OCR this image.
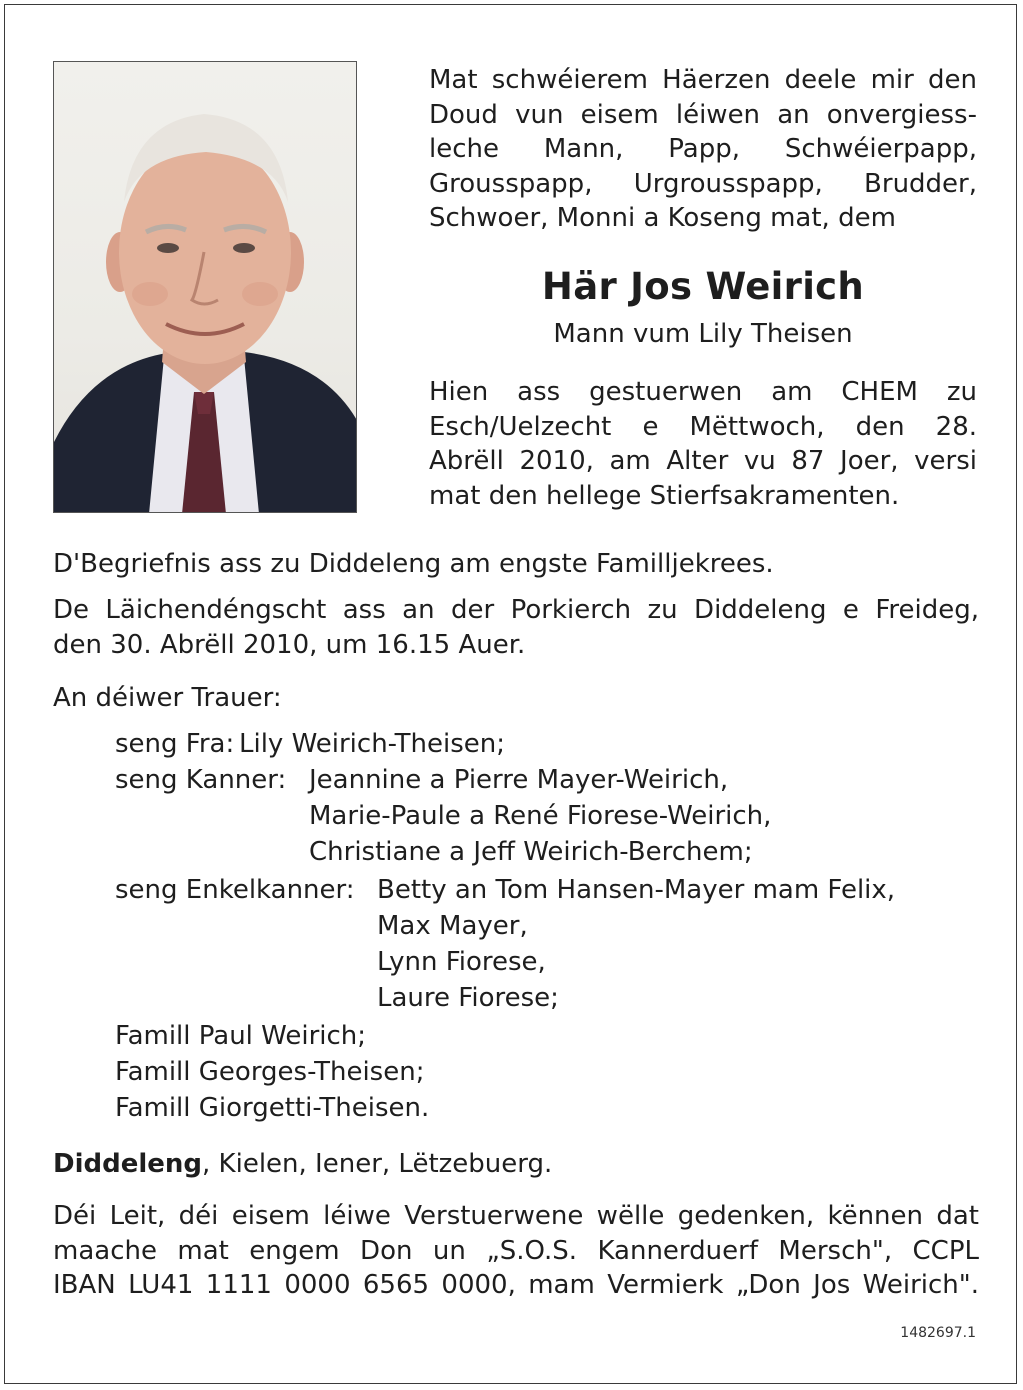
Mat schwéierem Häerzen deele mir den
Doud vun eisem léiwen an onvergiess-
leche Mann, Papp, Schwéierpapp,
Grousspapp, Urgrousspapp, Brudder,
Schwoer, Monni a Koseng mat, dem
Här Jos Weirich
Mann vum Lily Theisen
Hien ass gestuerwen am CHEM zu
Esch/Uelzecht e Mëttwoch, den 28.
Abrëll 2010, am Alter vu 87 Joer, versi
mat den hellege Stierfsakramenten.
D'Begriefnis ass zu Diddeleng am engste Familljekrees.
De Läichendéngscht ass an der Porkierch zu Diddeleng e Freideg,
den 30. Abrëll 2010, um 16.15 Auer.
An déiwer Trauer:
seng Fra: Lily Weirich-Theisen;
seng Kanner: Jeannine a Pierre Mayer-Weirich,
Marie-Paule a René Fiorese-Weirich,
Christiane a Jeff Weirich-Berchem;
seng Enkelkanner: Betty an Tom Hansen-Mayer mam Felix,
Max Mayer,
Lynn Fiorese,
Laure Fiorese;
Famill Paul Weirich;
Famill Georges-Theisen;
Famill Giorgetti-Theisen.
Diddeleng, Kielen, Iener, Lëtzebuerg.
Déi Leit, déi eisem léiwe Verstuerwene wëlle gedenken, kënnen dat
maache mat engem Don un „S.O.S. Kannerduerf Mersch", CCPL
IBAN LU41 1111 0000 6565 0000, mam Vermierk „Don Jos Weirich".
1482697.1
